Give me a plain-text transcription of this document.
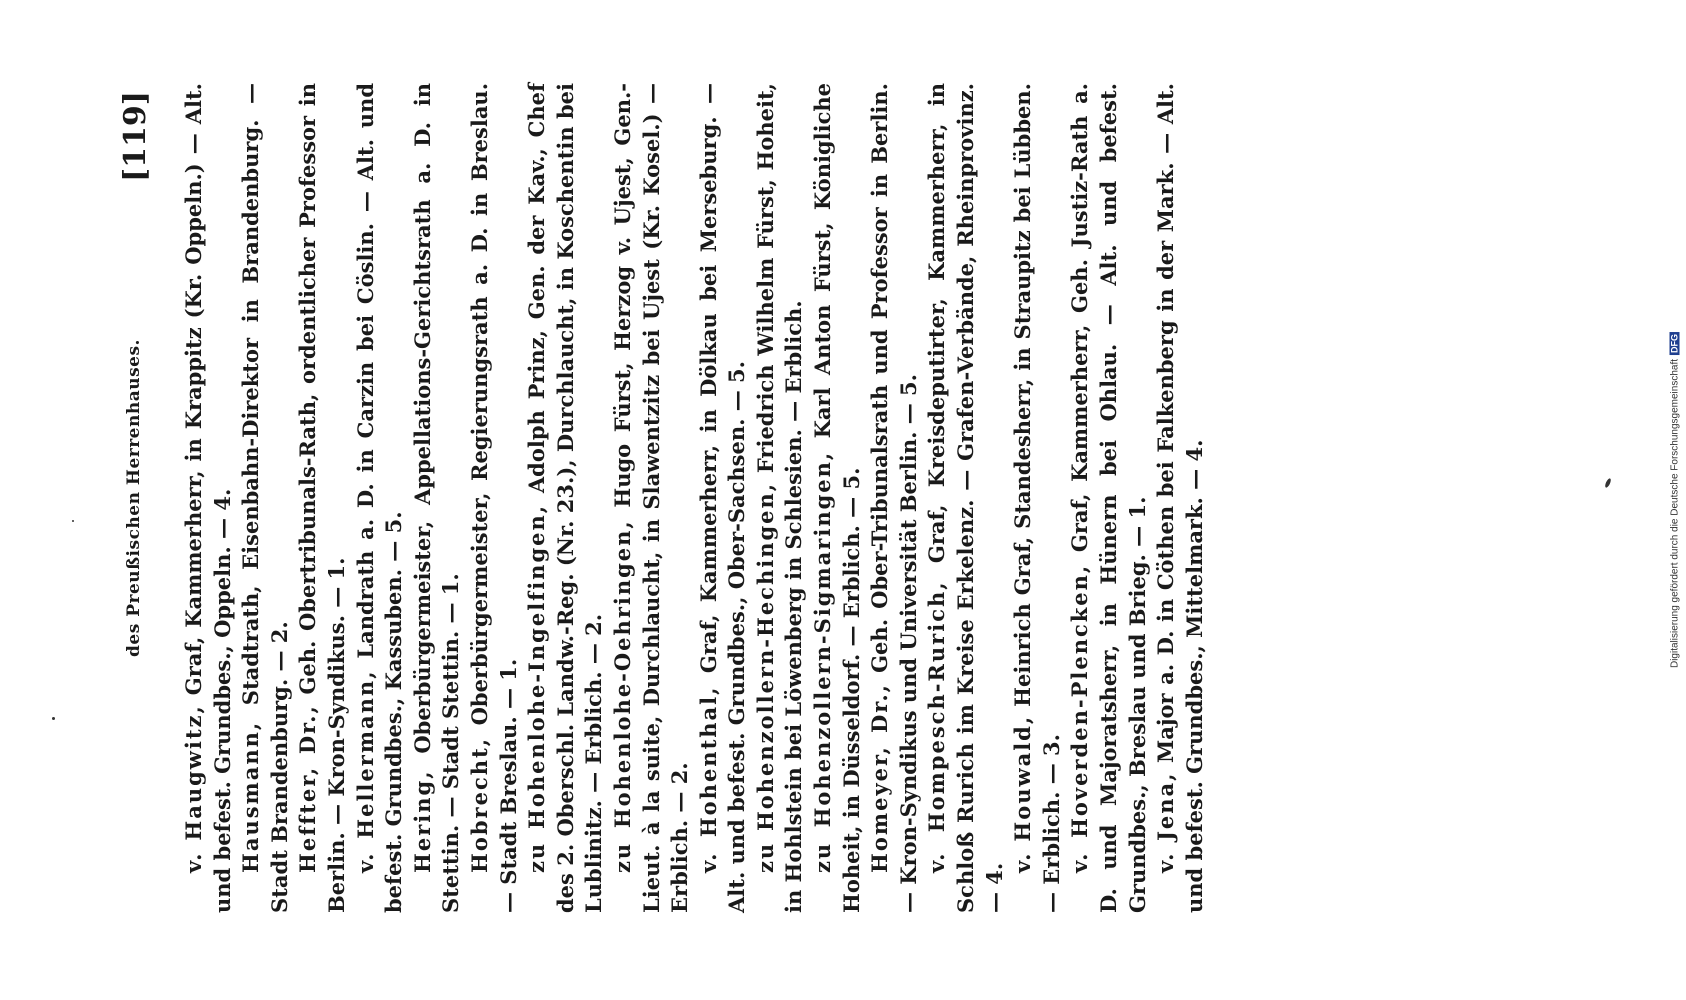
des Preußischen Herrenhauses.
[119]

v. Haugwitz, Graf, Kammerherr, in Krappitz (Kr. Oppeln.) — Alt. und befest. Grundbes., Oppeln. — 4. Hausmann, Stadtrath, Eisenbahn-Direktor in Brandenburg. — Stadt Brandenburg. — 2. Heffter, Dr., Geh. Obertribunals-Rath, ordentlicher Professor in Berlin. — Kron-Syndikus. — 1. v. Hellermann, Landrath a. D. in Carzin bei Cöslin. — Alt. und befest. Grundbes., Kassuben. — 5. Hering, Oberbürgermeister, Appellations-Gerichtsrath a. D. in Stettin. — Stadt Stettin. — 1. Hobrecht, Oberbürgermeister, Regierungsrath a. D. in Breslau. — Stadt Breslau. — 1. zu Hohenlohe-Ingelfingen, Adolph Prinz, Gen. der Kav., Chef des 2. Oberschl. Landw.-Reg. (Nr. 23.), Durchlaucht, in Koschentin bei Lublinitz. — Erblich. — 2. zu Hohenlohe-Oehringen, Hugo Fürst, Herzog v. Ujest, Gen.-Lieut. à la suite, Durchlaucht, in Slawentzitz bei Ujest (Kr. Kosel.) — Erblich. — 2. v. Hohenthal, Graf, Kammerherr, in Dölkau bei Merseburg. — Alt. und befest. Grundbes., Ober-Sachsen. — 5. zu Hohenzollern-Hechingen, Friedrich Wilhelm Fürst, Hoheit, in Hohlstein bei Löwenberg in Schlesien. — Erblich. zu Hohenzollern-Sigmaringen, Karl Anton Fürst, Königliche Hoheit, in Düsseldorf. — Erblich. — 5. Homeyer, Dr., Geh. Ober-Tribunalsrath und Professor in Berlin. — Kron-Syndikus und Universität Berlin. — 5. v. Hompesch-Rurich, Graf, Kreisdeputirter, Kammerherr, in Schloß Rurich im Kreise Erkelenz. — Grafen-Verbände, Rheinprovinz. — 4.

v. Houwald, Heinrich Graf, Standesherr, in Straupitz bei Lübben. — Erblich. — 3. v. Hoverden-Plencken, Graf, Kammerherr, Geh. Justiz-Rath a. D. und Majoratsherr, in Hünern bei Ohlau. — Alt. und befest. Grundbes., Breslau und Brieg. — 1. v. Jena, Major a. D. in Cöthen bei Falkenberg in der Mark. — Alt. und befest. Grundbes., Mittelmark. — 4.	Digitalisierung gefördert durch die Deutsche ForschungsgemeinschaftDFG
